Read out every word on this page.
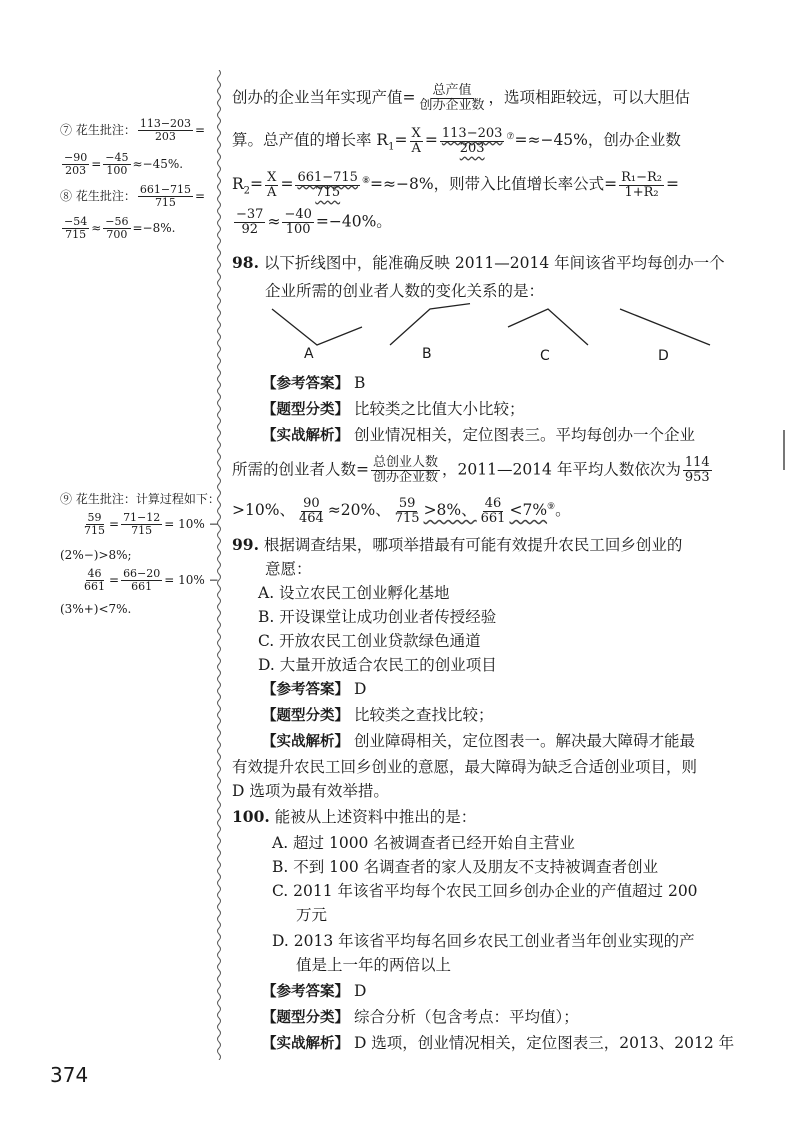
⑦ 花生批注： $\frac{113-203}{203}$ =
$\frac{-90}{203} = \frac{-45}{100} \approx-45\%$.
⑧ 花生批注： $\frac{661-715}{715}$ =
$\frac{-54}{715} \approx \frac{-56}{700} =-8\%$.
⑨ 花生批注：计算过程如下：
$\frac{59}{715} = \frac{71-12}{715} = 10\%$ −
(2%−)>8%;
$\frac{46}{661} = \frac{66-20}{661} = 10\%$ −
(3%+)<7%.
创办的企业当年实现产值= $\frac{\text{总产值}}{\text{创办企业数}}$ ，选项相距较远，可以大胆估
算。总产值的增长率 $R_1= \frac{X}{A} = \frac{113-203}{203} ^⑦=\approx-45\%$，创办企业数
$R_2= \frac{X}{A} = \frac{661-715}{715} ^⑧=\approx-8\%$，则带入比值增长率公式= $\frac{\text{R₁−R₂}}{\text{1+R₂}}$ =
$\frac{-37}{92} \approx \frac{-40}{100} =-40\%$。
98. 以下折线图中，能准确反映 2011—2014 年间该省平均每创办一个
企业所需的创业者人数的变化关系的是：
A	B	C	D
【参考答案】 B
【题型分类】 比较类之比值大小比较；
【实战解析】 创业情况相关，定位图表三。平均每创办一个企业
所需的创业者人数= $\frac{\text{总创业人数}}{\text{创办企业数}}$ ，2011—2014 年平均人数依次为 $\frac{114}{953}$
>10%、 $\frac{90}{464} \approx 20\%$、 $\frac{59}{715} >8\%$、 $\frac{46}{661} <7\%^⑨$。
99. 根据调查结果，哪项举措最有可能有效提升农民工回乡创业的
意愿：
A. 设立农民工创业孵化基地
B. 开设课堂让成功创业者传授经验
C. 开放农民工创业贷款绿色通道
D. 大量开放适合农民工的创业项目
【参考答案】 D
【题型分类】 比较类之查找比较；
【实战解析】 创业障碍相关，定位图表一。解决最大障碍才能最
有效提升农民工回乡创业的意愿，最大障碍为缺乏合适创业项目，则
D 选项为最有效举措。
100. 能被从上述资料中推出的是：
A. 超过 1000 名被调查者已经开始自主营业
B. 不到 100 名调查者的家人及朋友不支持被调查者创业
C. 2011 年该省平均每个农民工回乡创办企业的产值超过 200
万元
D. 2013 年该省平均每名回乡农民工创业者当年创业实现的产
值是上一年的两倍以上
【参考答案】 D
【题型分类】 综合分析（包含考点：平均值）；
【实战解析】 D 选项，创业情况相关，定位图表三，2013、2012 年
374
